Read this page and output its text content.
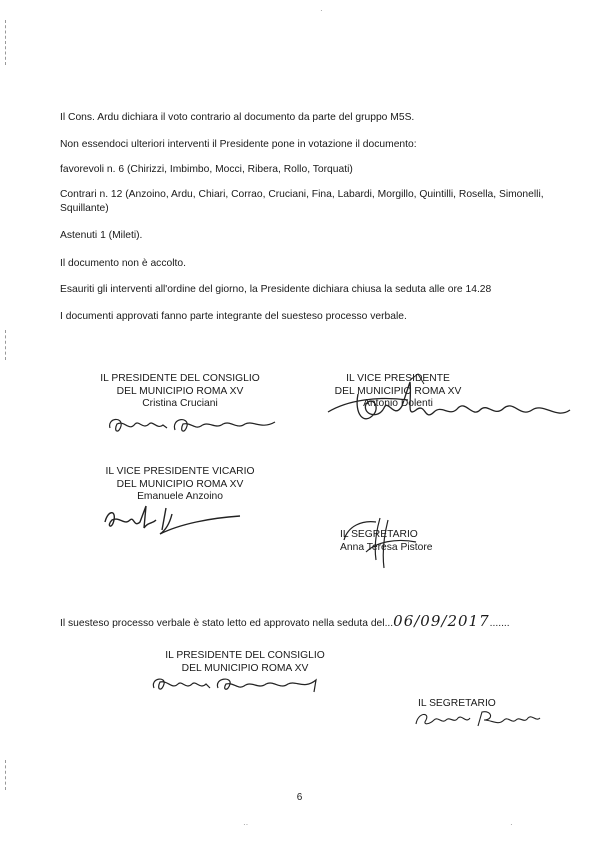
Il Cons. Ardu dichiara il voto contrario al documento da parte del gruppo M5S.
Non essendoci ulteriori interventi il Presidente pone in votazione il documento:
favorevoli n. 6 (Chirizzi, Imbimbo, Mocci, Ribera, Rollo, Torquati)
Contrari n. 12 (Anzoino, Ardu, Chiari, Corrao, Cruciani, Fina, Labardi, Morgillo, Quintilli, Rosella, Simonelli, Squillante)
Astenuti 1 (Mileti).
Il documento non è accolto.
Esauriti gli interventi all'ordine del giorno, la Presidente dichiara chiusa la seduta alle ore 14.28
I documenti approvati fanno parte integrante del suesteso processo verbale.
IL PRESIDENTE DEL CONSIGLIO
DEL MUNICIPIO ROMA XV
Cristina Cruciani
IL VICE PRESIDENTE
DEL MUNICIPIO ROMA XV
Antonio Dolenti
IL VICE PRESIDENTE VICARIO
DEL MUNICIPIO ROMA XV
Emanuele Anzoino
IL SEGRETARIO
Anna Teresa Pistore
Il suesteso processo verbale è stato letto ed approvato nella seduta del...06/09/2017.......
IL PRESIDENTE DEL CONSIGLIO
DEL MUNICIPIO ROMA XV
IL SEGRETARIO
6
··	·
·
